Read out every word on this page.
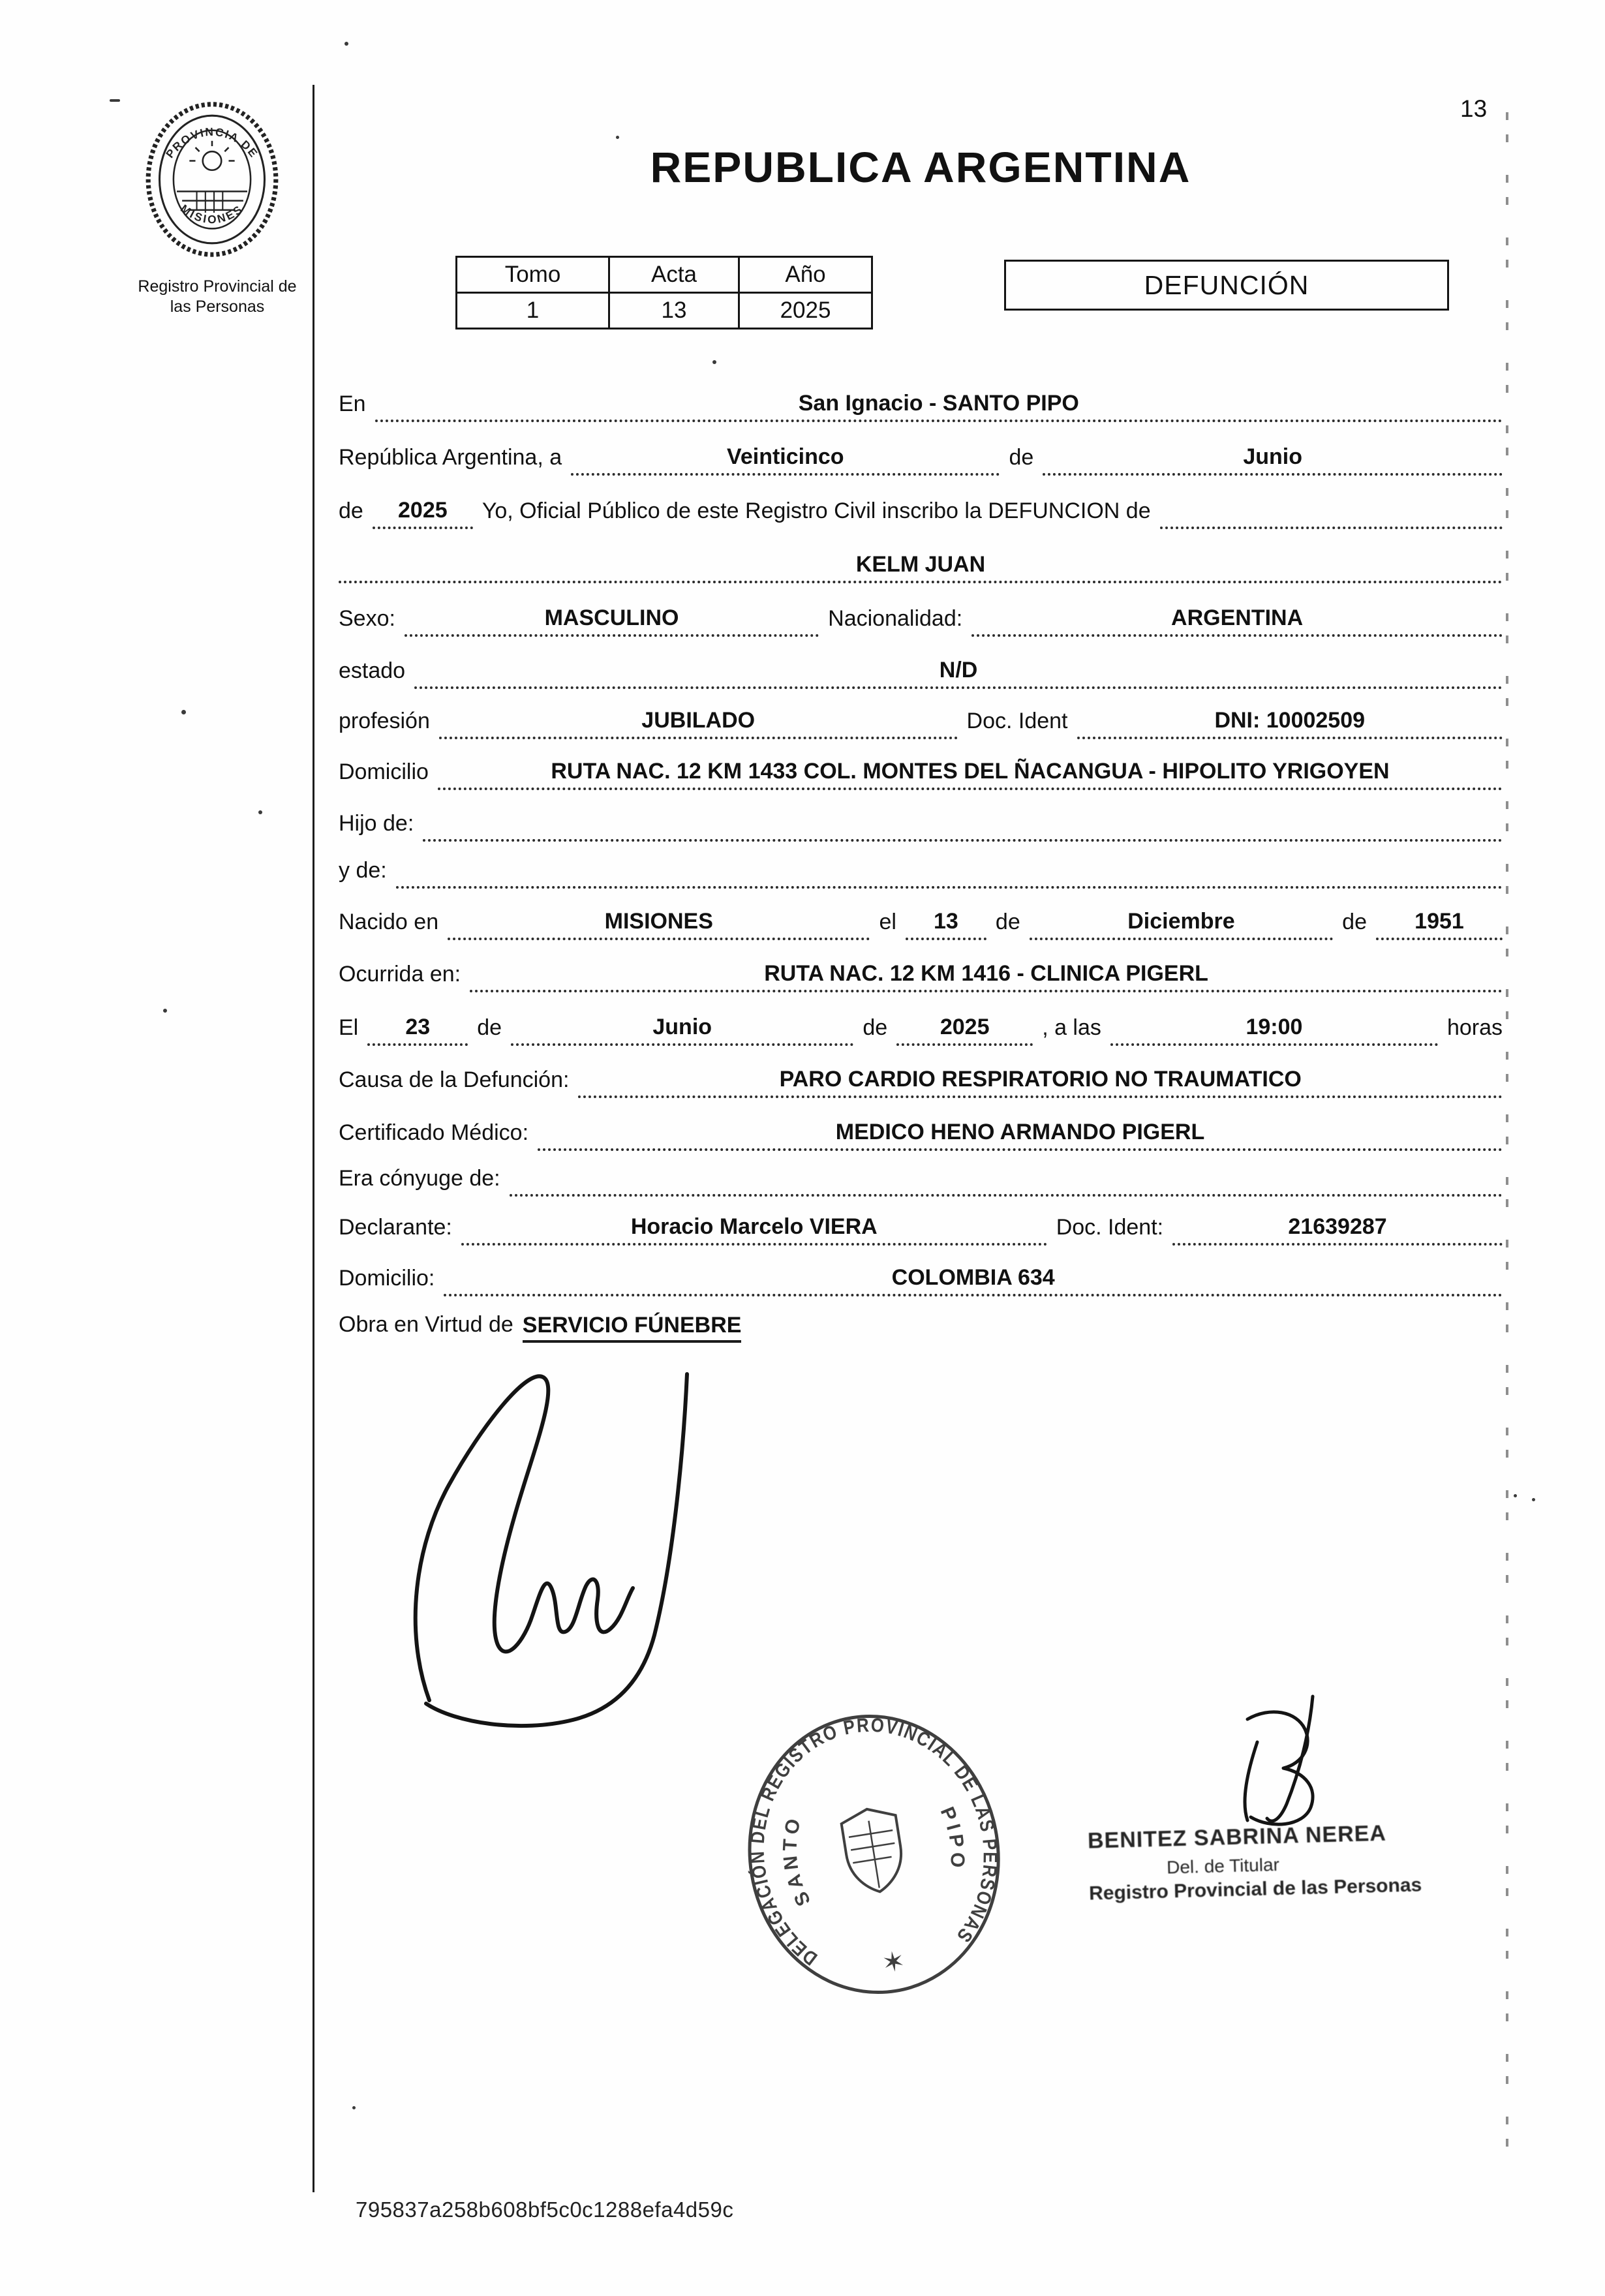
PROVINCIA DE
MISIONES
Registro Provincial de
las Personas
13
REPUBLICA ARGENTINA
Tomo	Acta	Año
1	13	2025
DEFUNCIÓN
En	San Ignacio - SANTO PIPO
República Argentina, a	Veinticinco	de	Junio
de	2025	Yo, Oficial Público de este Registro Civil inscribo la DEFUNCION de
KELM JUAN
Sexo:	MASCULINO	Nacionalidad:	ARGENTINA
estado	N/D
profesión	JUBILADO	Doc. Ident	DNI: 10002509
Domicilio	RUTA NAC. 12 KM 1433 COL. MONTES DEL ÑACANGUA - HIPOLITO YRIGOYEN
Hijo de:
y de:
Nacido en	MISIONES	el	13	de	Diciembre	de	1951
Ocurrida en:	RUTA NAC. 12 KM 1416 - CLINICA PIGERL
El	23	de	Junio	de	2025	, a las	19:00	horas
Causa de la Defunción:	PARO CARDIO RESPIRATORIO NO TRAUMATICO
Certificado Médico:	MEDICO HENO ARMANDO PIGERL
Era cónyuge de:
Declarante:	Horacio Marcelo VIERA	Doc. Ident:	21639287
Domicilio:	COLOMBIA 634
Obra en Virtud de SERVICIO FÚNEBRE
DELEGACIÓN DEL REGISTRO PROVINCIAL DE LAS PERSONAS
SANTO	PIPO
✶
BENITEZ SABRINA NEREA
Del. de Titular
Registro Provincial de las Personas
795837a258b608bf5c0c1288efa4d59c
